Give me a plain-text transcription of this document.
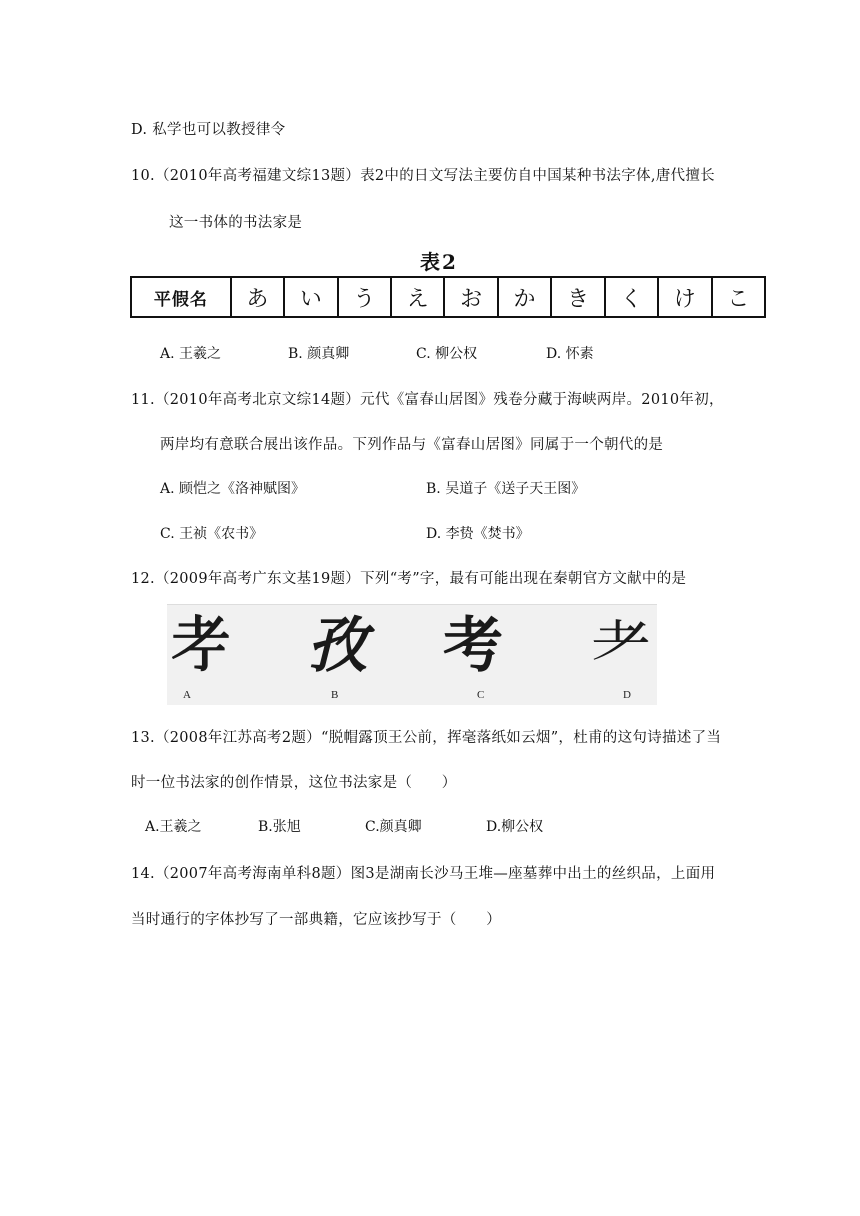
D. 私学也可以教授律令
10.（2010年高考福建文综13题）表2中的日文写法主要仿自中国某种书法字体,唐代擅长
这一书体的书法家是
表2
平假名	あ	い	う	え	お	か	き	く	け	こ
A. 王羲之	B. 颜真卿	C. 柳公权	D. 怀素
11.（2010年高考北京文综14题）元代《富春山居图》残卷分藏于海峡两岸。2010年初，
两岸均有意联合展出该作品。下列作品与《富春山居图》同属于一个朝代的是
A. 顾恺之《洛神赋图》	B. 吴道子《送子天王图》
C. 王祯《农书》	D. 李贽《焚书》
12.（2009年高考广东文基19题）下列“考”字，最有可能出现在秦朝官方文献中的是
𦒱 孜 考 耂
A	B	C	D
13.（2008年江苏高考2题）“脱帽露顶王公前，挥毫落纸如云烟”，杜甫的这句诗描述了当
时一位书法家的创作情景，这位书法家是（　　）
A.王羲之	B.张旭	C.颜真卿	D.柳公权
14.（2007年高考海南单科8题）图3是湖南长沙马王堆—座墓葬中出土的丝织品，上面用
当时通行的字体抄写了一部典籍，它应该抄写于（　　）
